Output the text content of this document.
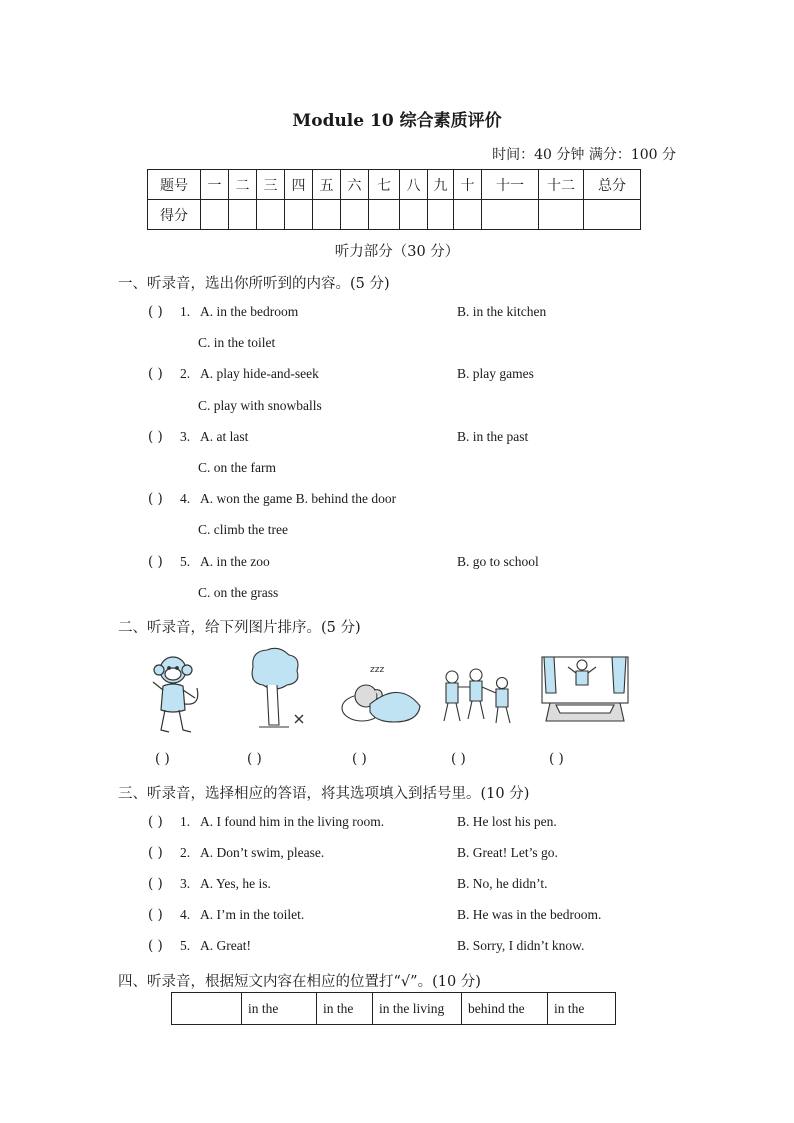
Module 10 综合素质评价
时间：40 分钟 满分：100 分
题号	一	二	三	四	五	六	七	八	九	十	十一	十二	总分
得分													
听力部分（30 分）
一、听录音，选出你所听到的内容。(5 分)
( ) 1. A. in the bedroom	B. in the kitchen
C. in the toilet
( ) 2. A. play hide-and-seek	B. play games
C. play with snowballs
( ) 3. A. at last	B. in the past
C. on the farm
( ) 4. A. won the game B. behind the door
C. climb the tree
( ) 5. A. in the zoo	B. go to school
C. on the grass
二、听录音，给下列图片排序。(5 分)
zzz
( )	( )	( )	( )	( )
三、听录音，选择相应的答语，将其选项填入到括号里。(10 分)
( ) 1. A. I found him in the living room.	B. He lost his pen.
( ) 2. A. Don’t swim, please.	B. Great! Let’s go.
( ) 3. A. Yes, he is.	B. No, he didn’t.
( ) 4. A. I’m in the toilet.	B. He was in the bedroom.
( ) 5. A. Great!	B. Sorry, I didn’t know.
四、听录音，根据短文内容在相应的位置打“√”。(10 分)
	in the	in the	in the living	behind the	in the
